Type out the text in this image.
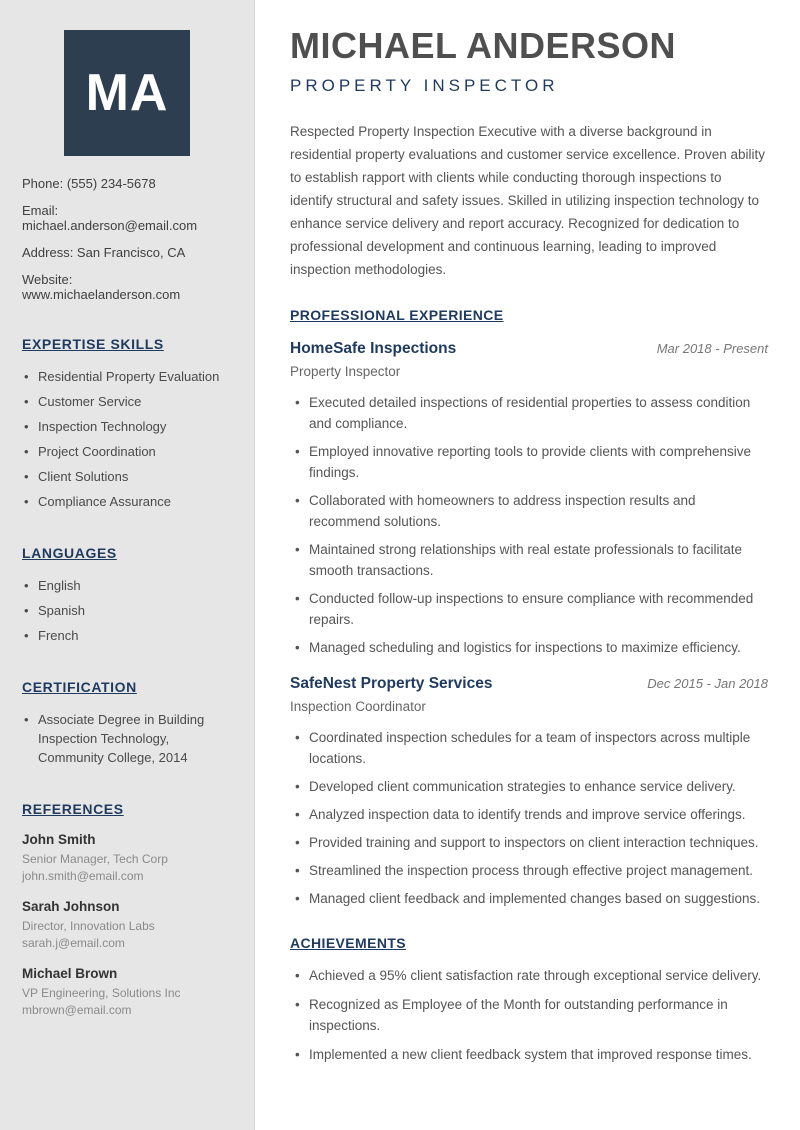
MA
Phone: (555) 234-5678
Email: michael.anderson@email.com
Address: San Francisco, CA
Website: www.michaelanderson.com
EXPERTISE SKILLS
• Residential Property Evaluation
• Customer Service
• Inspection Technology
• Project Coordination
• Client Solutions
• Compliance Assurance
LANGUAGES
• English
• Spanish
• French
CERTIFICATION
• Associate Degree in Building Inspection Technology, Community College, 2014
REFERENCES
John Smith
Senior Manager, Tech Corp
john.smith@email.com
Sarah Johnson
Director, Innovation Labs
sarah.j@email.com
Michael Brown
VP Engineering, Solutions Inc
mbrown@email.com
MICHAEL ANDERSON
PROPERTY INSPECTOR

Respected Property Inspection Executive with a diverse background in residential property evaluations and customer service excellence. Proven ability to establish rapport with clients while conducting thorough inspections to identify structural and safety issues. Skilled in utilizing inspection technology to enhance service delivery and report accuracy. Recognized for dedication to professional development and continuous learning, leading to improved inspection methodologies.

PROFESSIONAL EXPERIENCE
HomeSafe Inspections	Mar 2018 - Present
Property Inspector
• Executed detailed inspections of residential properties to assess condition and compliance.
• Employed innovative reporting tools to provide clients with comprehensive findings.
• Collaborated with homeowners to address inspection results and recommend solutions.
• Maintained strong relationships with real estate professionals to facilitate smooth transactions.
• Conducted follow-up inspections to ensure compliance with recommended repairs.
• Managed scheduling and logistics for inspections to maximize efficiency.
SafeNest Property Services	Dec 2015 - Jan 2018
Inspection Coordinator
• Coordinated inspection schedules for a team of inspectors across multiple locations.
• Developed client communication strategies to enhance service delivery.
• Analyzed inspection data to identify trends and improve service offerings.
• Provided training and support to inspectors on client interaction techniques.
• Streamlined the inspection process through effective project management.
• Managed client feedback and implemented changes based on suggestions.
ACHIEVEMENTS
• Achieved a 95% client satisfaction rate through exceptional service delivery.
• Recognized as Employee of the Month for outstanding performance in inspections.
• Implemented a new client feedback system that improved response times.
